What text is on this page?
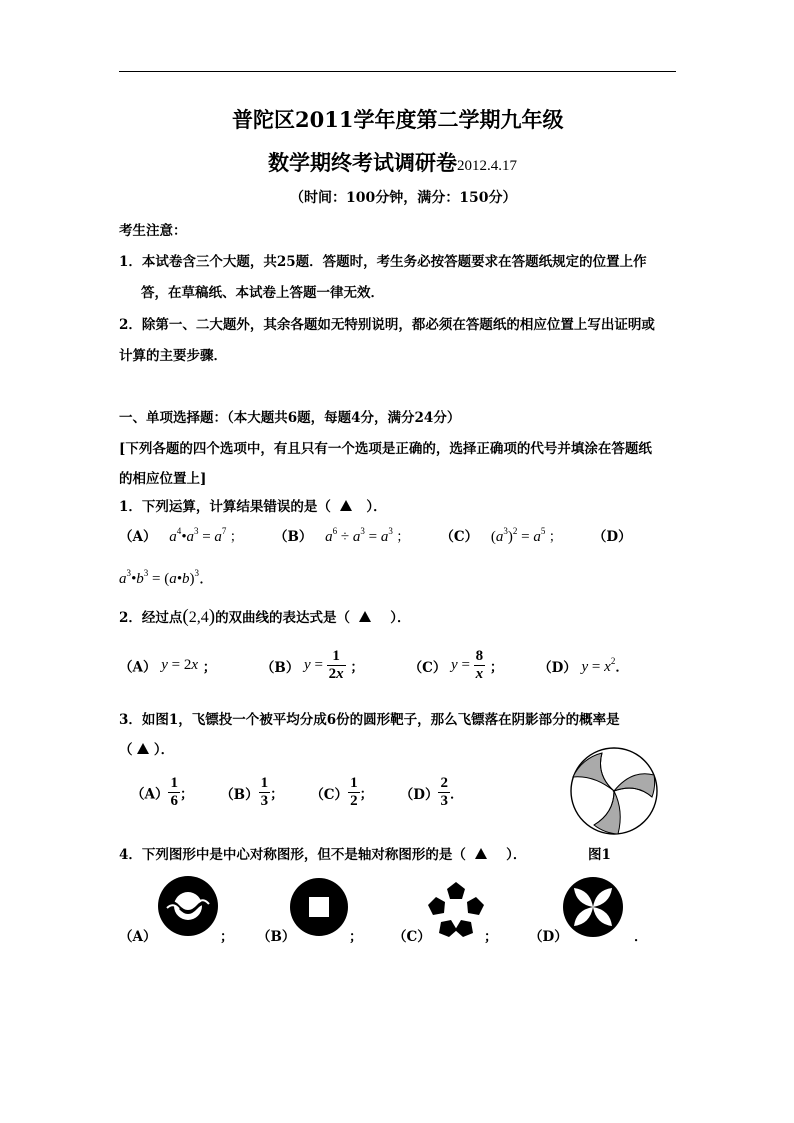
普陀区2011学年度第二学期九年级
数学期终考试调研卷2012.4.17
（时间：100分钟，满分：150分）
考生注意：
1．本试卷含三个大题，共25题．答题时，考生务必按答题要求在答题纸规定的位置上作
答，在草稿纸、本试卷上答题一律无效．
2．除第一、二大题外，其余各题如无特别说明，都必须在答题纸的相应位置上写出证明或
计算的主要步骤．
一、单项选择题：（本大题共6题，每题4分，满分24分）
[下列各题的四个选项中，有且只有一个选项是正确的，选择正确项的代号并填涂在答题纸
的相应位置上]
1．下列运算，计算结果错误的是（	）．
（A） $a^4•a^3 = a^7$ ； （B） $a^6 \div a^3 = a^3$ ； （C） $(a^3)^2 = a^5$ ； （D）
$a^3•b^3$ = (a•b)$^3$．
2．经过点(2,4)的双曲线的表达式是（	）．
（A） y = 2x ；	（B） $y = \frac{1}{2x}$ ；	（C） $y = \frac{8}{x}$ ；	（D） $y = x^2$．
3．如图1，飞镖投一个被平均分成6份的圆形靶子，那么飞镖落在阴影部分的概率是
（ ）．
$(A) \frac{1}{6}$ ； $(B) \frac{1}{3}$ ； $(C) \frac{1}{2}$ ； $(D) \frac{2}{3}$ ．
4．下列图形中是中心对称图形，但不是轴对称图形的是（	）．	图1
（A）	； （B）	； （C）	； （D）	．
